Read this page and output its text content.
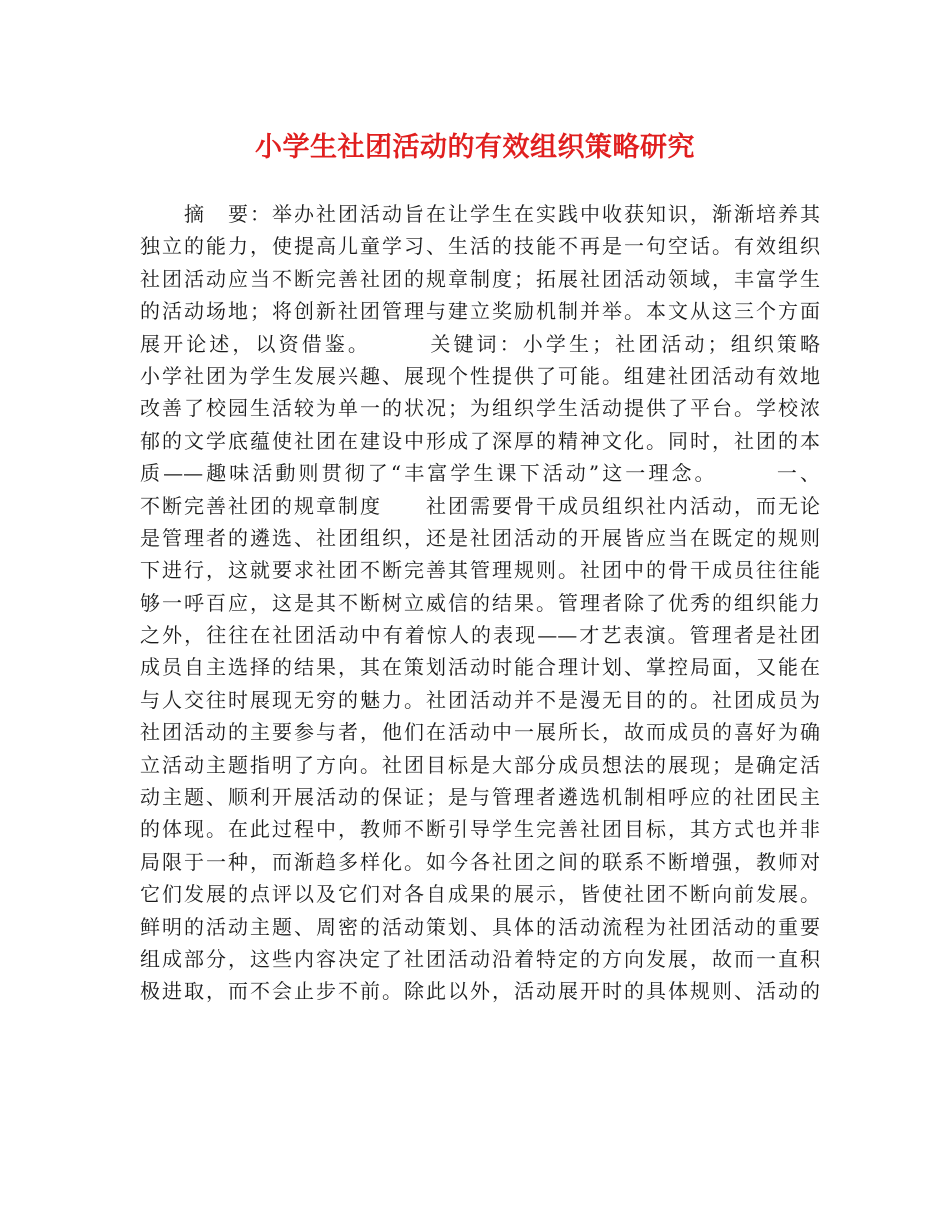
小学生社团活动的有效组织策略研究
　　摘　要：举办社团活动旨在让学生在实践中收获知识，渐渐培养其
独立的能力，使提高儿童学习、生活的技能不再是一句空话。有效组织
社团活动应当不断完善社团的规章制度；拓展社团活动领域，丰富学生
的活动场地；将创新社团管理与建立奖励机制并举。本文从这三个方面
展开论述，以资借鉴。　　　关键词：小学生；社团活动；组织策略
小学社团为学生发展兴趣、展现个性提供了可能。组建社团活动有效地
改善了校园生活较为单一的状况；为组织学生活动提供了平台。学校浓
郁的文学底蕴使社团在建设中形成了深厚的精神文化。同时，社团的本
质——趣味活動则贯彻了“丰富学生课下活动”这一理念。　　　一、
不断完善社团的规章制度　　社团需要骨干成员组织社内活动，而无论
是管理者的遴选、社团组织，还是社团活动的开展皆应当在既定的规则
下进行，这就要求社团不断完善其管理规则。社团中的骨干成员往往能
够一呼百应，这是其不断树立威信的结果。管理者除了优秀的组织能力
之外，往往在社团活动中有着惊人的表现——才艺表演。管理者是社团
成员自主选择的结果，其在策划活动时能合理计划、掌控局面，又能在
与人交往时展现无穷的魅力。社团活动并不是漫无目的的。社团成员为
社团活动的主要参与者，他们在活动中一展所长，故而成员的喜好为确
立活动主题指明了方向。社团目标是大部分成员想法的展现；是确定活
动主题、顺利开展活动的保证；是与管理者遴选机制相呼应的社团民主
的体现。在此过程中，教师不断引导学生完善社团目标，其方式也并非
局限于一种，而渐趋多样化。如今各社团之间的联系不断增强，教师对
它们发展的点评以及它们对各自成果的展示，皆使社团不断向前发展。
鲜明的活动主题、周密的活动策划、具体的活动流程为社团活动的重要
组成部分，这些内容决定了社团活动沿着特定的方向发展，故而一直积
极进取，而不会止步不前。除此以外，活动展开时的具体规则、活动的
